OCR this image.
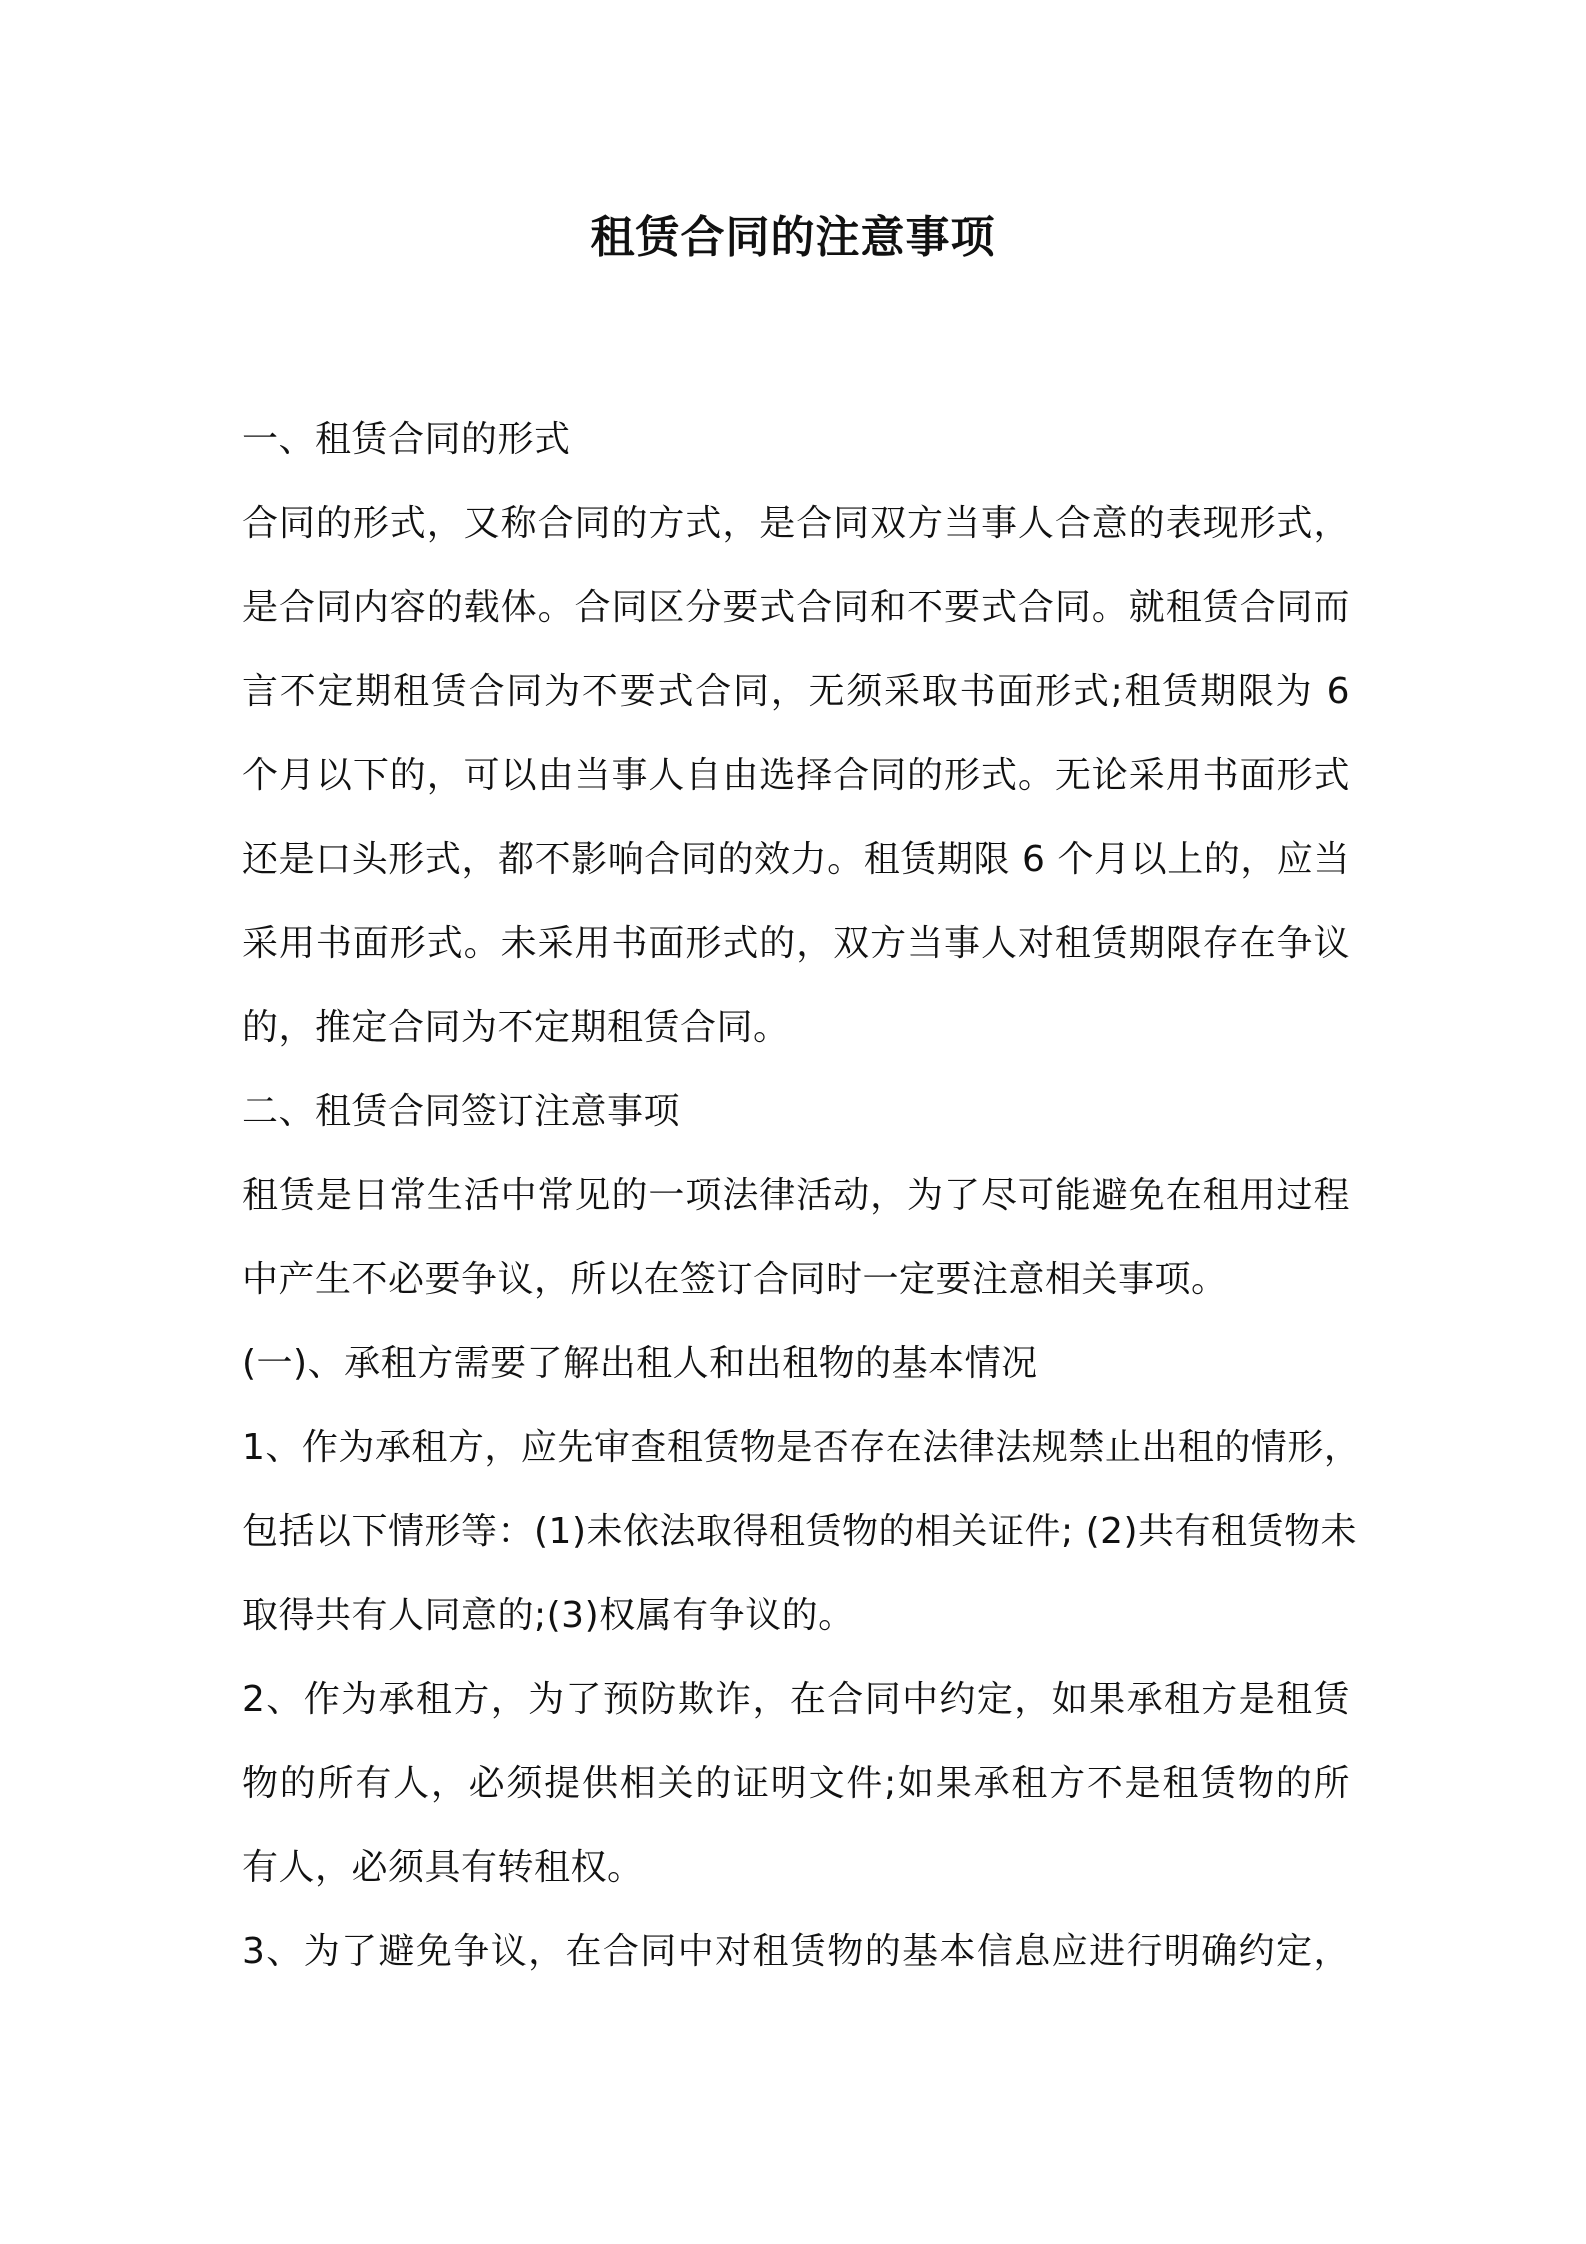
租赁合同的注意事项
一、租赁合同的形式
合同的形式，又称合同的方式，是合同双方当事人合意的表现形式，
是合同内容的载体。合同区分要式合同和不要式合同。就租赁合同而
言不定期租赁合同为不要式合同，无须采取书面形式;租赁期限为 6
个月以下的，可以由当事人自由选择合同的形式。无论采用书面形式
还是口头形式，都不影响合同的效力。租赁期限 6 个月以上的，应当
采用书面形式。未采用书面形式的，双方当事人对租赁期限存在争议
的，推定合同为不定期租赁合同。
二、租赁合同签订注意事项
租赁是日常生活中常见的一项法律活动，为了尽可能避免在租用过程
中产生不必要争议，所以在签订合同时一定要注意相关事项。
(一)、承租方需要了解出租人和出租物的基本情况
1、作为承租方，应先审查租赁物是否存在法律法规禁止出租的情形，
包括以下情形等：(1)未依法取得租赁物的相关证件; (2)共有租赁物未
取得共有人同意的;(3)权属有争议的。
2、作为承租方，为了预防欺诈，在合同中约定，如果承租方是租赁
物的所有人，必须提供相关的证明文件;如果承租方不是租赁物的所
有人，必须具有转租权。
3、为了避免争议，在合同中对租赁物的基本信息应进行明确约定，
